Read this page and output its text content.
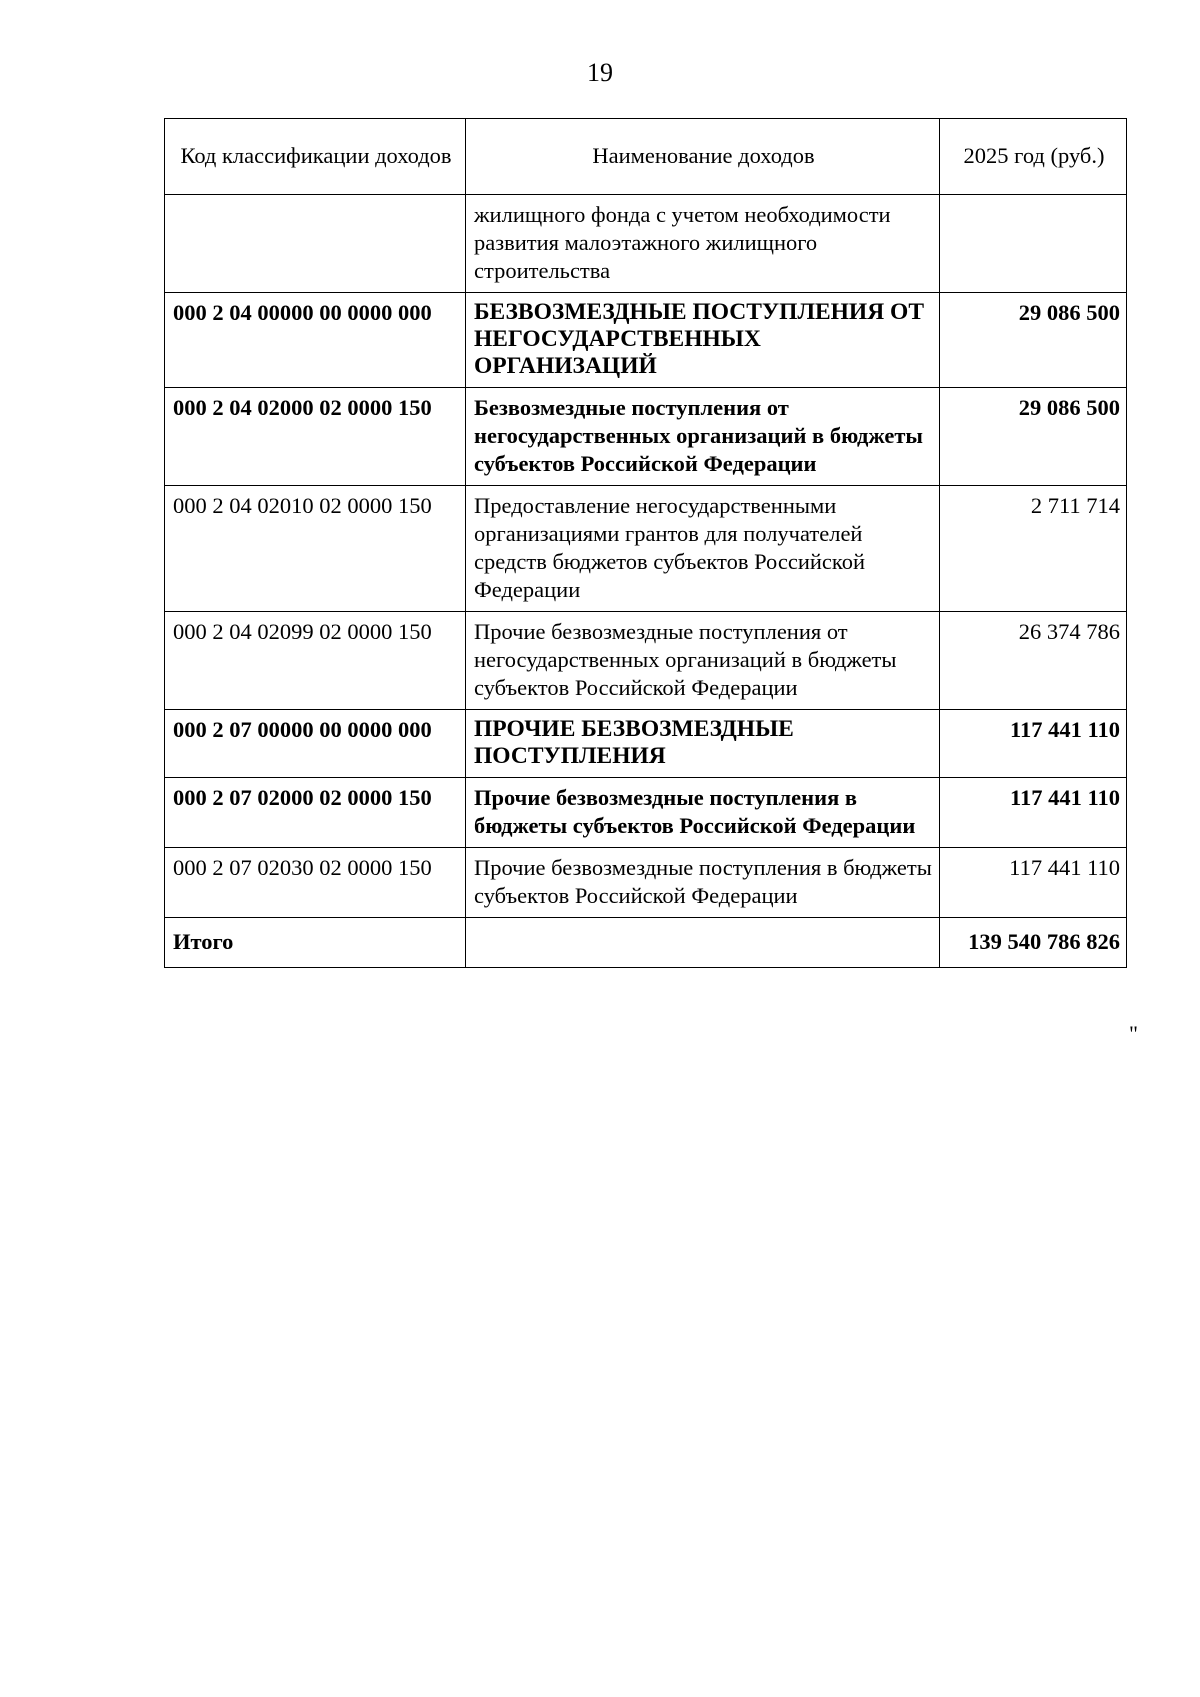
19
Код классификации доходов	Наименование доходов	2025 год (руб.)
	жилищного фонда с учетом необходимости развития малоэтажного жилищного строительства	
000 2 04 00000 00 0000 000	БЕЗВОЗМЕЗДНЫЕ ПОСТУПЛЕНИЯ ОТ НЕГОСУДАРСТВЕННЫХ ОРГАНИЗАЦИЙ	29 086 500
000 2 04 02000 02 0000 150	Безвозмездные поступления от негосударственных организаций в бюджеты субъектов Российской Федерации	29 086 500
000 2 04 02010 02 0000 150	Предоставление негосударственными организациями грантов для получателей средств бюджетов субъектов Российской Федерации	2 711 714
000 2 04 02099 02 0000 150	Прочие безвозмездные поступления от негосударственных организаций в бюджеты субъектов Российской Федерации	26 374 786
000 2 07 00000 00 0000 000	ПРОЧИЕ БЕЗВОЗМЕЗДНЫЕ ПОСТУПЛЕНИЯ	117 441 110
000 2 07 02000 02 0000 150	Прочие безвозмездные поступления в бюджеты субъектов Российской Федерации	117 441 110
000 2 07 02030 02 0000 150	Прочие безвозмездные поступления в бюджеты субъектов Российской Федерации	117 441 110
Итого		139 540 786 826
"
